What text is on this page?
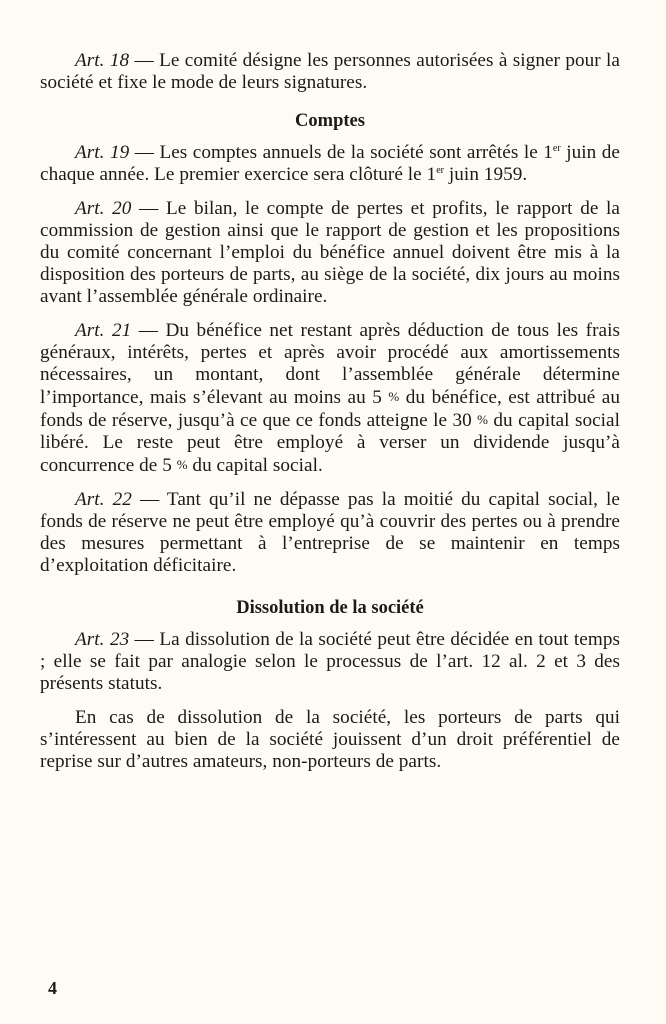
Art. 18 — Le comité désigne les personnes autorisées à signer pour la société et fixe le mode de leurs signatures.

Comptes

Art. 19 — Les comptes annuels de la société sont arrêtés le 1er juin de chaque année. Le premier exercice sera clôturé le 1er juin 1959.

Art. 20 — Le bilan, le compte de pertes et profits, le rapport de la commission de gestion ainsi que le rapport de gestion et les propositions du comité concernant l’emploi du bénéfice annuel doivent être mis à la disposition des porteurs de parts, au siège de la société, dix jours au moins avant l’assemblée générale ordinaire.

Art. 21 — Du bénéfice net restant après déduction de tous les frais généraux, intérêts, pertes et après avoir procédé aux amortissements nécessaires, un montant, dont l’assemblée générale détermine l’importance, mais s’élevant au moins au 5 % du bénéfice, est attribué au fonds de réserve, jusqu’à ce que ce fonds atteigne le 30 % du capital social libéré. Le reste peut être employé à verser un dividende jusqu’à concurrence de 5 % du capital social.

Art. 22 — Tant qu’il ne dépasse pas la moitié du capital social, le fonds de réserve ne peut être employé qu’à couvrir des pertes ou à prendre des mesures permettant à l’entreprise de se maintenir en temps d’exploitation déficitaire.

Dissolution de la société

Art. 23 — La dissolution de la société peut être décidée en tout temps ; elle se fait par analogie selon le processus de l’art. 12 al. 2 et 3 des présents statuts.

En cas de dissolution de la société, les porteurs de parts qui s’intéressent au bien de la société jouissent d’un droit préférentiel de reprise sur d’autres amateurs, non-porteurs de parts.

4
